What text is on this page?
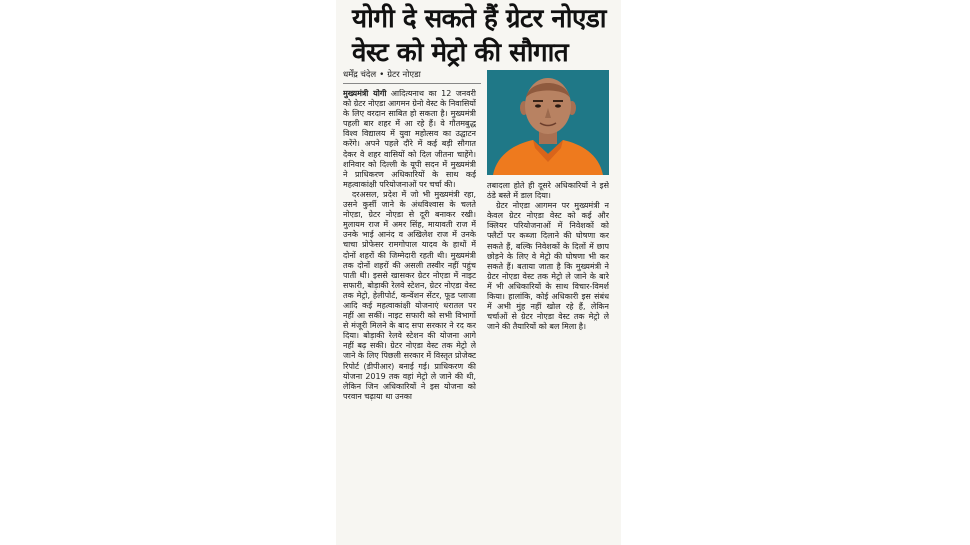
योगी दे सकते हैं ग्रेटर नोएडा
वेस्ट को मेट्रो की सौगात
धर्मेंद्र चंदेल • ग्रेटर नोएडा

मुख्यमंत्री योगी आदित्यनाथ का 12 जनवरी को ग्रेटर नोएडा आगमन ग्रेनो वेस्ट के निवासियों के लिए वरदान साबित हो सकता है। मुख्यमंत्री पहली बार शहर में आ रहे हैं। वे गौतमबुद्ध विश्व विद्यालय में युवा महोत्सव का उद्घाटन करेंगे। अपने पहले दौरे में कई बड़ी सौगात देकर वे शहर वासियों को दिल जीतना चाहेंगे। शनिवार को दिल्ली के यूपी सदन में मुख्यमंत्री ने प्राधिकरण अधिकारियों के साथ कई महत्वाकांक्षी परियोजनाओं पर चर्चा की।

दरअसल, प्रदेश में जो भी मुख्यमंत्री रहा, उसने कुर्सी जाने के अंधविश्वास के चलते नोएडा, ग्रेटर नोएडा से दूरी बनाकर रखी। मुलायम राज में अमर सिंह, मायावती राज में उनके भाई आनंद व अखिलेश राज में उनके चाचा प्रोफेसर रामगोपाल यादव के हाथों में दोनों शहरों की जिम्मेदारी रहती थी। मुख्यमंत्री तक दोनों शहरों की असली तस्वीर नहीं पहुंच पाती थी। इससे खासकर ग्रेटर नोएडा में नाइट सफारी, बोड़ाकी रेलवे स्टेशन, ग्रेटर नोएडा वेस्ट तक मेट्रो, हेलीपोर्ट, कन्वेंशन सेंटर, फूड प्लाजा आदि कई महत्वाकांक्षी योजनाएं धरातल पर नहीं आ सकीं। नाइट सफारी को सभी विभागों से मंजूरी मिलने के बाद सपा सरकार ने रद कर दिया। बोड़ाकी रेलवे स्टेशन की योजना आगे नहीं बढ़ सकी। ग्रेटर नोएडा वेस्ट तक मेट्रो ले जाने के लिए पिछली सरकार में विस्तृत प्रोजेक्ट रिपोर्ट (डीपीआर) बनाई गई। प्राधिकरण की योजना 2019 तक वहां मेट्रो ले जाने की थी, लेकिन जिन अधिकारियों ने इस योजना को परवान चढ़ाया था उनका

तबादला होते ही दूसरे अधिकारियों ने इसे ठंडे बस्ते में डाल दिया।

ग्रेटर नोएडा आगमन पर मुख्यमंत्री न केवल ग्रेटर नोएडा वेस्ट को कई और क्लियर परियोजनाओं में निवेशकों को फ्लैटों पर कब्जा दिलाने की घोषणा कर सकते हैं, बल्कि निवेशकों के दिलों में छाप छोड़ने के लिए वे मेट्रो की घोषणा भी कर सकते हैं। बताया जाता है कि मुख्यमंत्री ने ग्रेटर नोएडा वेस्ट तक मेट्रो ले जाने के बारे में भी अधिकारियों के साथ विचार-विमर्श किया। हालांकि, कोई अधिकारी इस संबंध में अभी मुंह नहीं खोल रहे हैं, लेकिन चर्चाओं से ग्रेटर नोएडा वेस्ट तक मेट्रो ले जाने की तैयारियों को बल मिला है।
